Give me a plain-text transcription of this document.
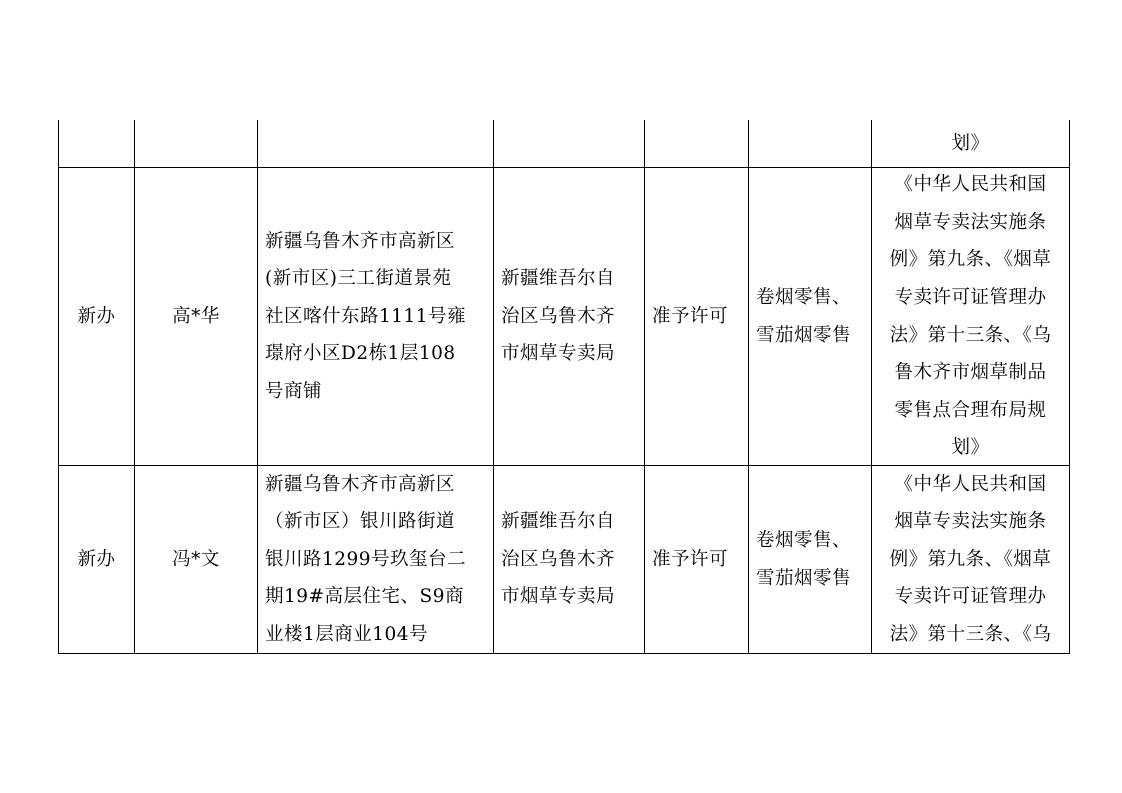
划》
新办	高*华
新疆乌鲁木齐市高新区
(新市区)三工街道景苑
社区喀什东路1111号雍
璟府小区D2栋1层108
号商铺
新疆维吾尔自
治区乌鲁木齐
市烟草专卖局
准予许可
卷烟零售、
雪茄烟零售
《中华人民共和国
烟草专卖法实施条
例》第九条、《烟草
专卖许可证管理办
法》第十三条、《乌
鲁木齐市烟草制品
零售点合理布局规
划》
新办	冯*文
新疆乌鲁木齐市高新区
（新市区）银川路街道
银川路1299号玖玺台二
期19#高层住宅、S9商
业楼1层商业104号
新疆维吾尔自
治区乌鲁木齐
市烟草专卖局
准予许可
卷烟零售、
雪茄烟零售
《中华人民共和国
烟草专卖法实施条
例》第九条、《烟草
专卖许可证管理办
法》第十三条、《乌
